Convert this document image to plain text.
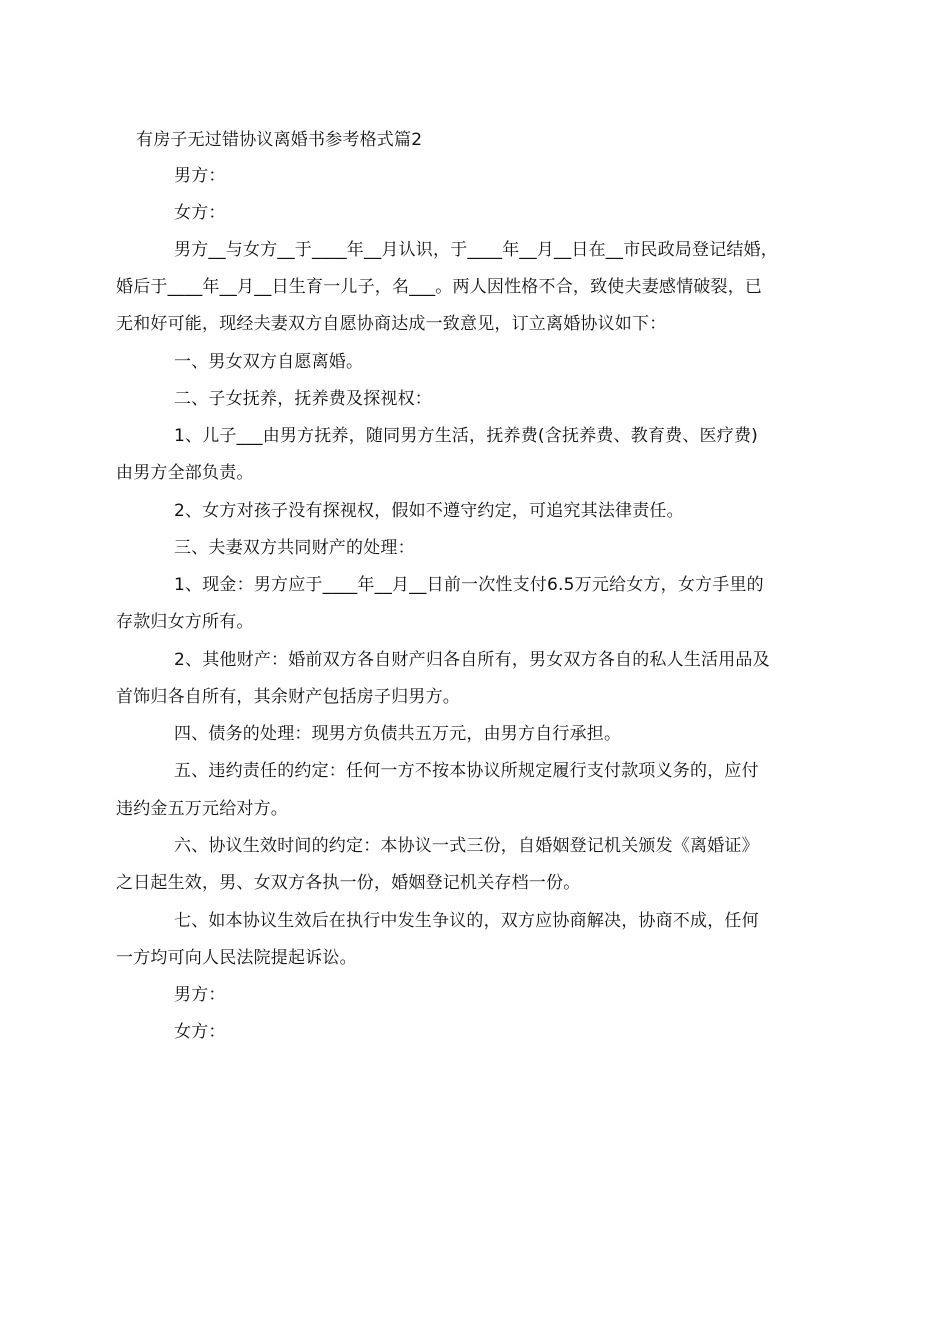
有房子无过错协议离婚书参考格式篇2
男方：
女方：
男方__与女方__于____年__月认识，于____年__月__日在__市民政局登记结婚，
婚后于____年__月__日生育一儿子，名___。两人因性格不合，致使夫妻感情破裂，已
无和好可能，现经夫妻双方自愿协商达成一致意见，订立离婚协议如下：
一、男女双方自愿离婚。
二、子女抚养，抚养费及探视权：
1、儿子___由男方抚养，随同男方生活，抚养费(含抚养费、教育费、医疗费)
由男方全部负责。
2、女方对孩子没有探视权，假如不遵守约定，可追究其法律责任。
三、夫妻双方共同财产的处理：
1、现金：男方应于____年__月__日前一次性支付6.5万元给女方，女方手里的
存款归女方所有。
2、其他财产：婚前双方各自财产归各自所有，男女双方各自的私人生活用品及
首饰归各自所有，其余财产包括房子归男方。
四、债务的处理：现男方负债共五万元，由男方自行承担。
五、违约责任的约定：任何一方不按本协议所规定履行支付款项义务的，应付
违约金五万元给对方。
六、协议生效时间的约定：本协议一式三份，自婚姻登记机关颁发《离婚证》
之日起生效，男、女双方各执一份，婚姻登记机关存档一份。
七、如本协议生效后在执行中发生争议的，双方应协商解决，协商不成，任何
一方均可向人民法院提起诉讼。
男方：
女方：
